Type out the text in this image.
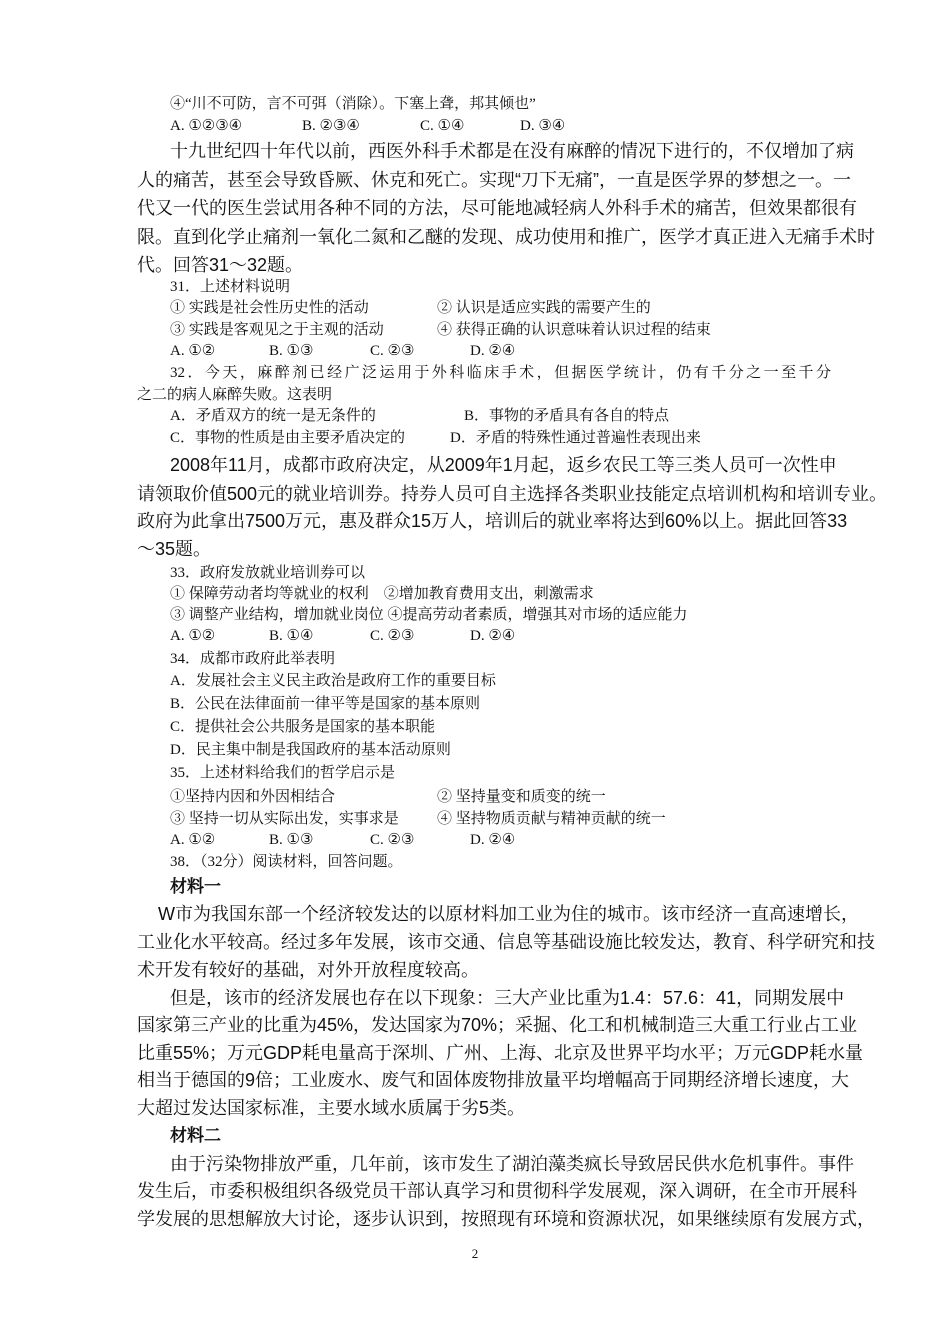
④“川不可防，言不可弭（消除）。下塞上聋，邦其倾也”
A. ①②③④	B. ②③④	C. ①④	D. ③④
十九世纪四十年代以前，西医外科手术都是在没有麻醉的情况下进行的，不仅增加了病
人的痛苦，甚至会导致昏厥、休克和死亡。实现“刀下无痛”，一直是医学界的梦想之一。一
代又一代的医生尝试用各种不同的方法，尽可能地减轻病人外科手术的痛苦，但效果都很有
限。直到化学止痛剂一氧化二氮和乙醚的发现、成功使用和推广，医学才真正进入无痛手术时
代。回答31～32题。
31．上述材料说明
① 实践是社会性历史性的活动	② 认识是适应实践的需要产生的
③ 实践是客观见之于主观的活动	④ 获得正确的认识意味着认识过程的结束
A. ①②	B. ①③	C. ②③	D. ②④
32．今天，麻醉剂已经广泛运用于外科临床手术，但据医学统计，仍有千分之一至千分
之二的病人麻醉失败。这表明
A．矛盾双方的统一是无条件的	B．事物的矛盾具有各自的特点
C．事物的性质是由主要矛盾决定的	D．矛盾的特殊性通过普遍性表现出来
2008年11月，成都市政府决定，从2009年1月起，返乡农民工等三类人员可一次性申
请领取价值500元的就业培训券。持券人员可自主选择各类职业技能定点培训机构和培训专业。
政府为此拿出7500万元，惠及群众15万人，培训后的就业率将达到60%以上。据此回答33
～35题。
33．政府发放就业培训券可以
① 保障劳动者均等就业的权利　②增加教育费用支出，刺激需求
③ 调整产业结构，增加就业岗位 ④提高劳动者素质，增强其对市场的适应能力
A. ①②	B. ①④	C. ②③	D. ②④
34．成都市政府此举表明
A．发展社会主义民主政治是政府工作的重要目标
B．公民在法律面前一律平等是国家的基本原则
C．提供社会公共服务是国家的基本职能
D．民主集中制是我国政府的基本活动原则
35．上述材料给我们的哲学启示是
①坚持内因和外因相结合	② 坚持量变和质变的统一
③ 坚持一切从实际出发，实事求是	④ 坚持物质贡献与精神贡献的统一
A. ①②	B. ①③	C. ②③	D. ②④
38．（32分）阅读材料，回答问题。
材料一
W市为我国东部一个经济较发达的以原材料加工业为住的城市。该市经济一直高速增长，
工业化水平较高。经过多年发展，该市交通、信息等基础设施比较发达，教育、科学研究和技
术开发有较好的基础，对外开放程度较高。
但是，该市的经济发展也存在以下现象：三大产业比重为1.4：57.6：41，同期发展中
国家第三产业的比重为45%，发达国家为70%；采掘、化工和机械制造三大重工行业占工业
比重55%；万元GDP耗电量高于深圳、广州、上海、北京及世界平均水平；万元GDP耗水量
相当于德国的9倍；工业废水、废气和固体废物排放量平均增幅高于同期经济增长速度，大
大超过发达国家标准，主要水域水质属于劣5类。
材料二
由于污染物排放严重，几年前，该市发生了湖泊藻类疯长导致居民供水危机事件。事件
发生后，市委积极组织各级党员干部认真学习和贯彻科学发展观，深入调研，在全市开展科
学发展的思想解放大讨论，逐步认识到，按照现有环境和资源状况，如果继续原有发展方式，
2
